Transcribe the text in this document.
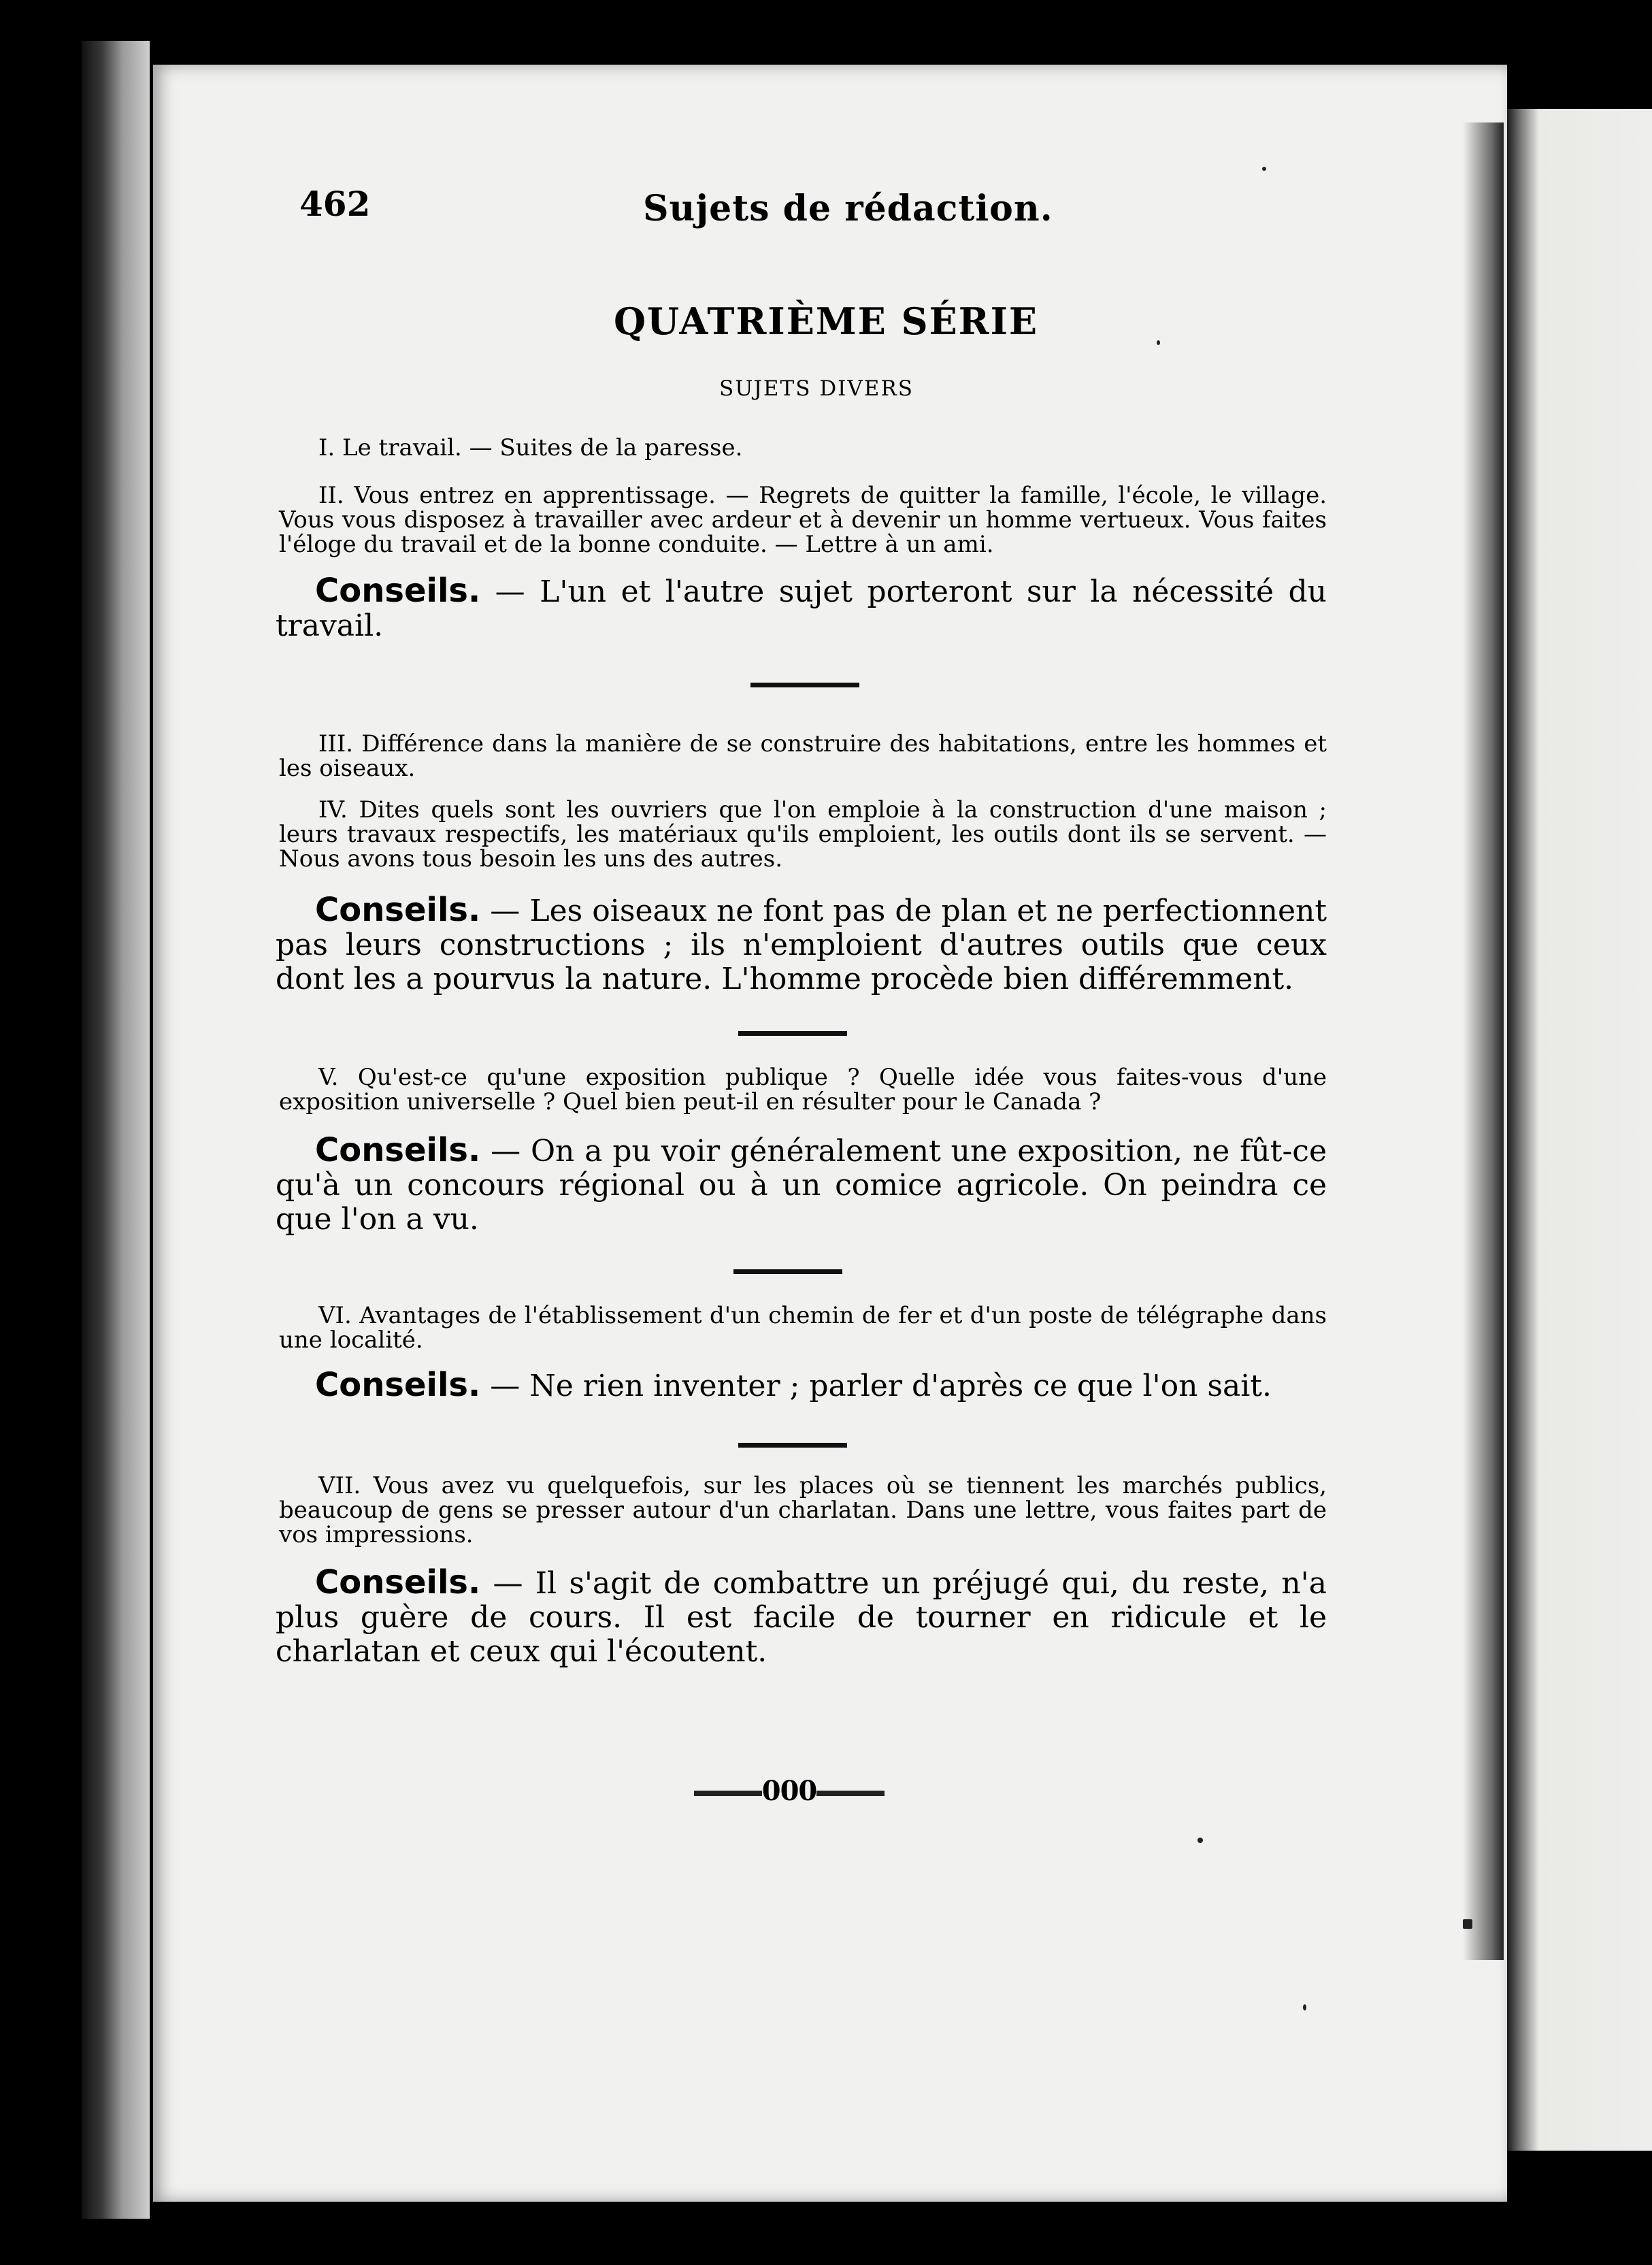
462	Sujets de rédaction.
QUATRIÈME SÉRIE
SUJETS DIVERS
I. Le travail. — Suites de la paresse.
II. Vous entrez en apprentissage. — Regrets de quitter la famille, l'école, le village. Vous vous disposez à travailler avec ardeur et à devenir un homme vertueux. Vous faites l'éloge du travail et de la bonne conduite. — Lettre à un ami.
Conseils. — L'un et l'autre sujet porteront sur la nécessité du travail.
III. Différence dans la manière de se construire des habitations, entre les hommes et les oiseaux.
IV. Dites quels sont les ouvriers que l'on emploie à la construction d'une maison ; leurs travaux respectifs, les matériaux qu'ils emploient, les outils dont ils se servent. — Nous avons tous besoin les uns des autres.
Conseils. — Les oiseaux ne font pas de plan et ne perfectionnent pas leurs constructions ; ils n'emploient d'autres outils que ceux dont les a pourvus la nature. L'homme procède bien différemment.
V. Qu'est-ce qu'une exposition publique ? Quelle idée vous faites-vous d'une exposition universelle ? Quel bien peut-il en résulter pour le Canada ?
Conseils. — On a pu voir généralement une exposition, ne fût-ce qu'à un concours régional ou à un comice agricole. On peindra ce que l'on a vu.
VI. Avantages de l'établissement d'un chemin de fer et d'un poste de télégraphe dans une localité.
Conseils. — Ne rien inventer ; parler d'après ce que l'on sait.
VII. Vous avez vu quelquefois, sur les places où se tiennent les marchés publics, beaucoup de gens se presser autour d'un charlatan. Dans une lettre, vous faites part de vos impressions.
Conseils. — Il s'agit de combattre un préjugé qui, du reste, n'a plus guère de cours. Il est facile de tourner en ridicule et le charlatan et ceux qui l'écoutent.
000
